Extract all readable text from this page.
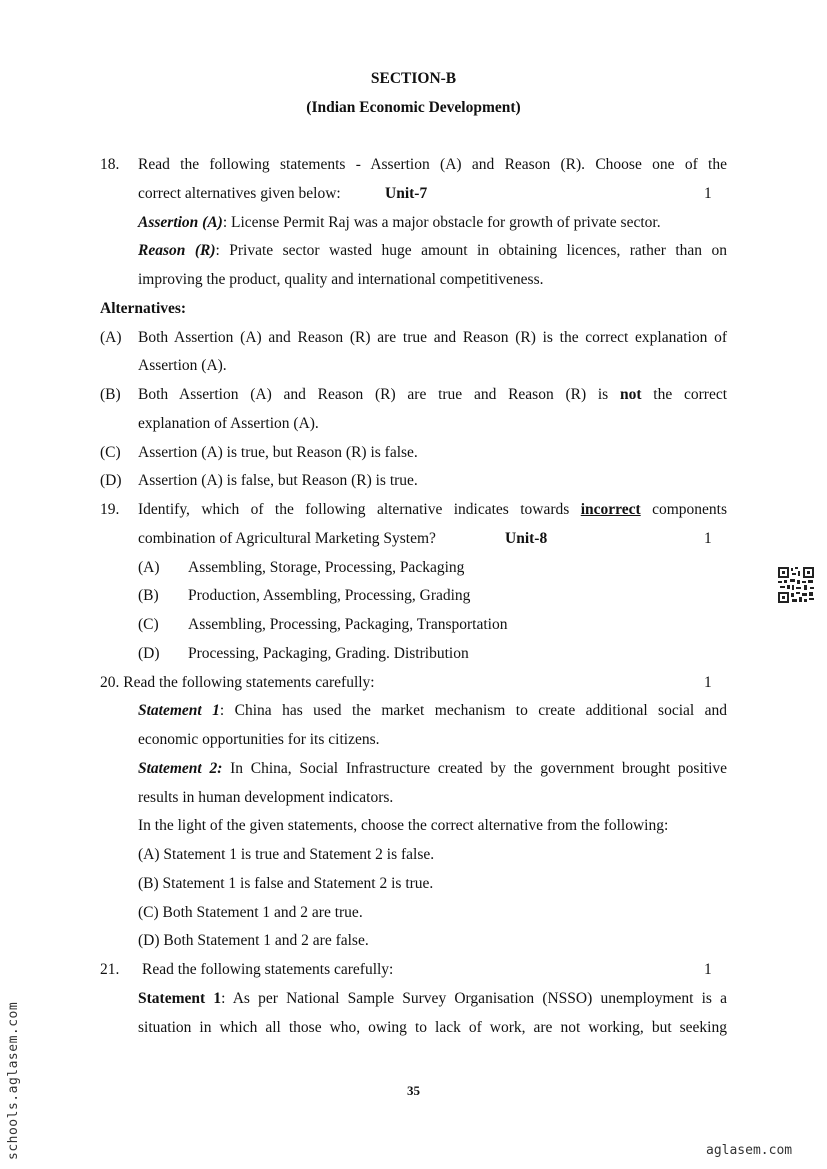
SECTION-B
(Indian Economic Development)
18. Read the following statements - Assertion (A) and Reason (R). Choose one of the
correct alternatives given below:	Unit-7	1
Assertion (A): License Permit Raj was a major obstacle for growth of private sector.
Reason (R): Private sector wasted huge amount in obtaining licences, rather than on
improving the product, quality and international competitiveness.
Alternatives:
(A) Both Assertion (A) and Reason (R) are true and Reason (R) is the correct explanation of
Assertion (A).
(B) Both Assertion (A) and Reason (R) are true and Reason (R) is not the correct
explanation of Assertion (A).
(C) Assertion (A) is true, but Reason (R) is false.
(D) Assertion (A) is false, but Reason (R) is true.
19. Identify, which of the following alternative indicates towards incorrect components
combination of Agricultural Marketing System?	Unit-8	1
(A) Assembling, Storage, Processing, Packaging
(B) Production, Assembling, Processing, Grading
(C) Assembling, Processing, Packaging, Transportation
(D) Processing, Packaging, Grading. Distribution
20. Read the following statements carefully:	1
Statement 1: China has used the market mechanism to create additional social and
economic opportunities for its citizens.
Statement 2: In China, Social Infrastructure created by the government brought positive
results in human development indicators.
In the light of the given statements, choose the correct alternative from the following:
(A) Statement 1 is true and Statement 2 is false.
(B) Statement 1 is false and Statement 2 is true.
(C) Both Statement 1 and 2 are true.
(D) Both Statement 1 and 2 are false.
21. Read the following statements carefully:	1
Statement 1: As per National Sample Survey Organisation (NSSO) unemployment is a
situation in which all those who, owing to lack of work, are not working, but seeking
35
schools.aglasem.com	aglasem.com
